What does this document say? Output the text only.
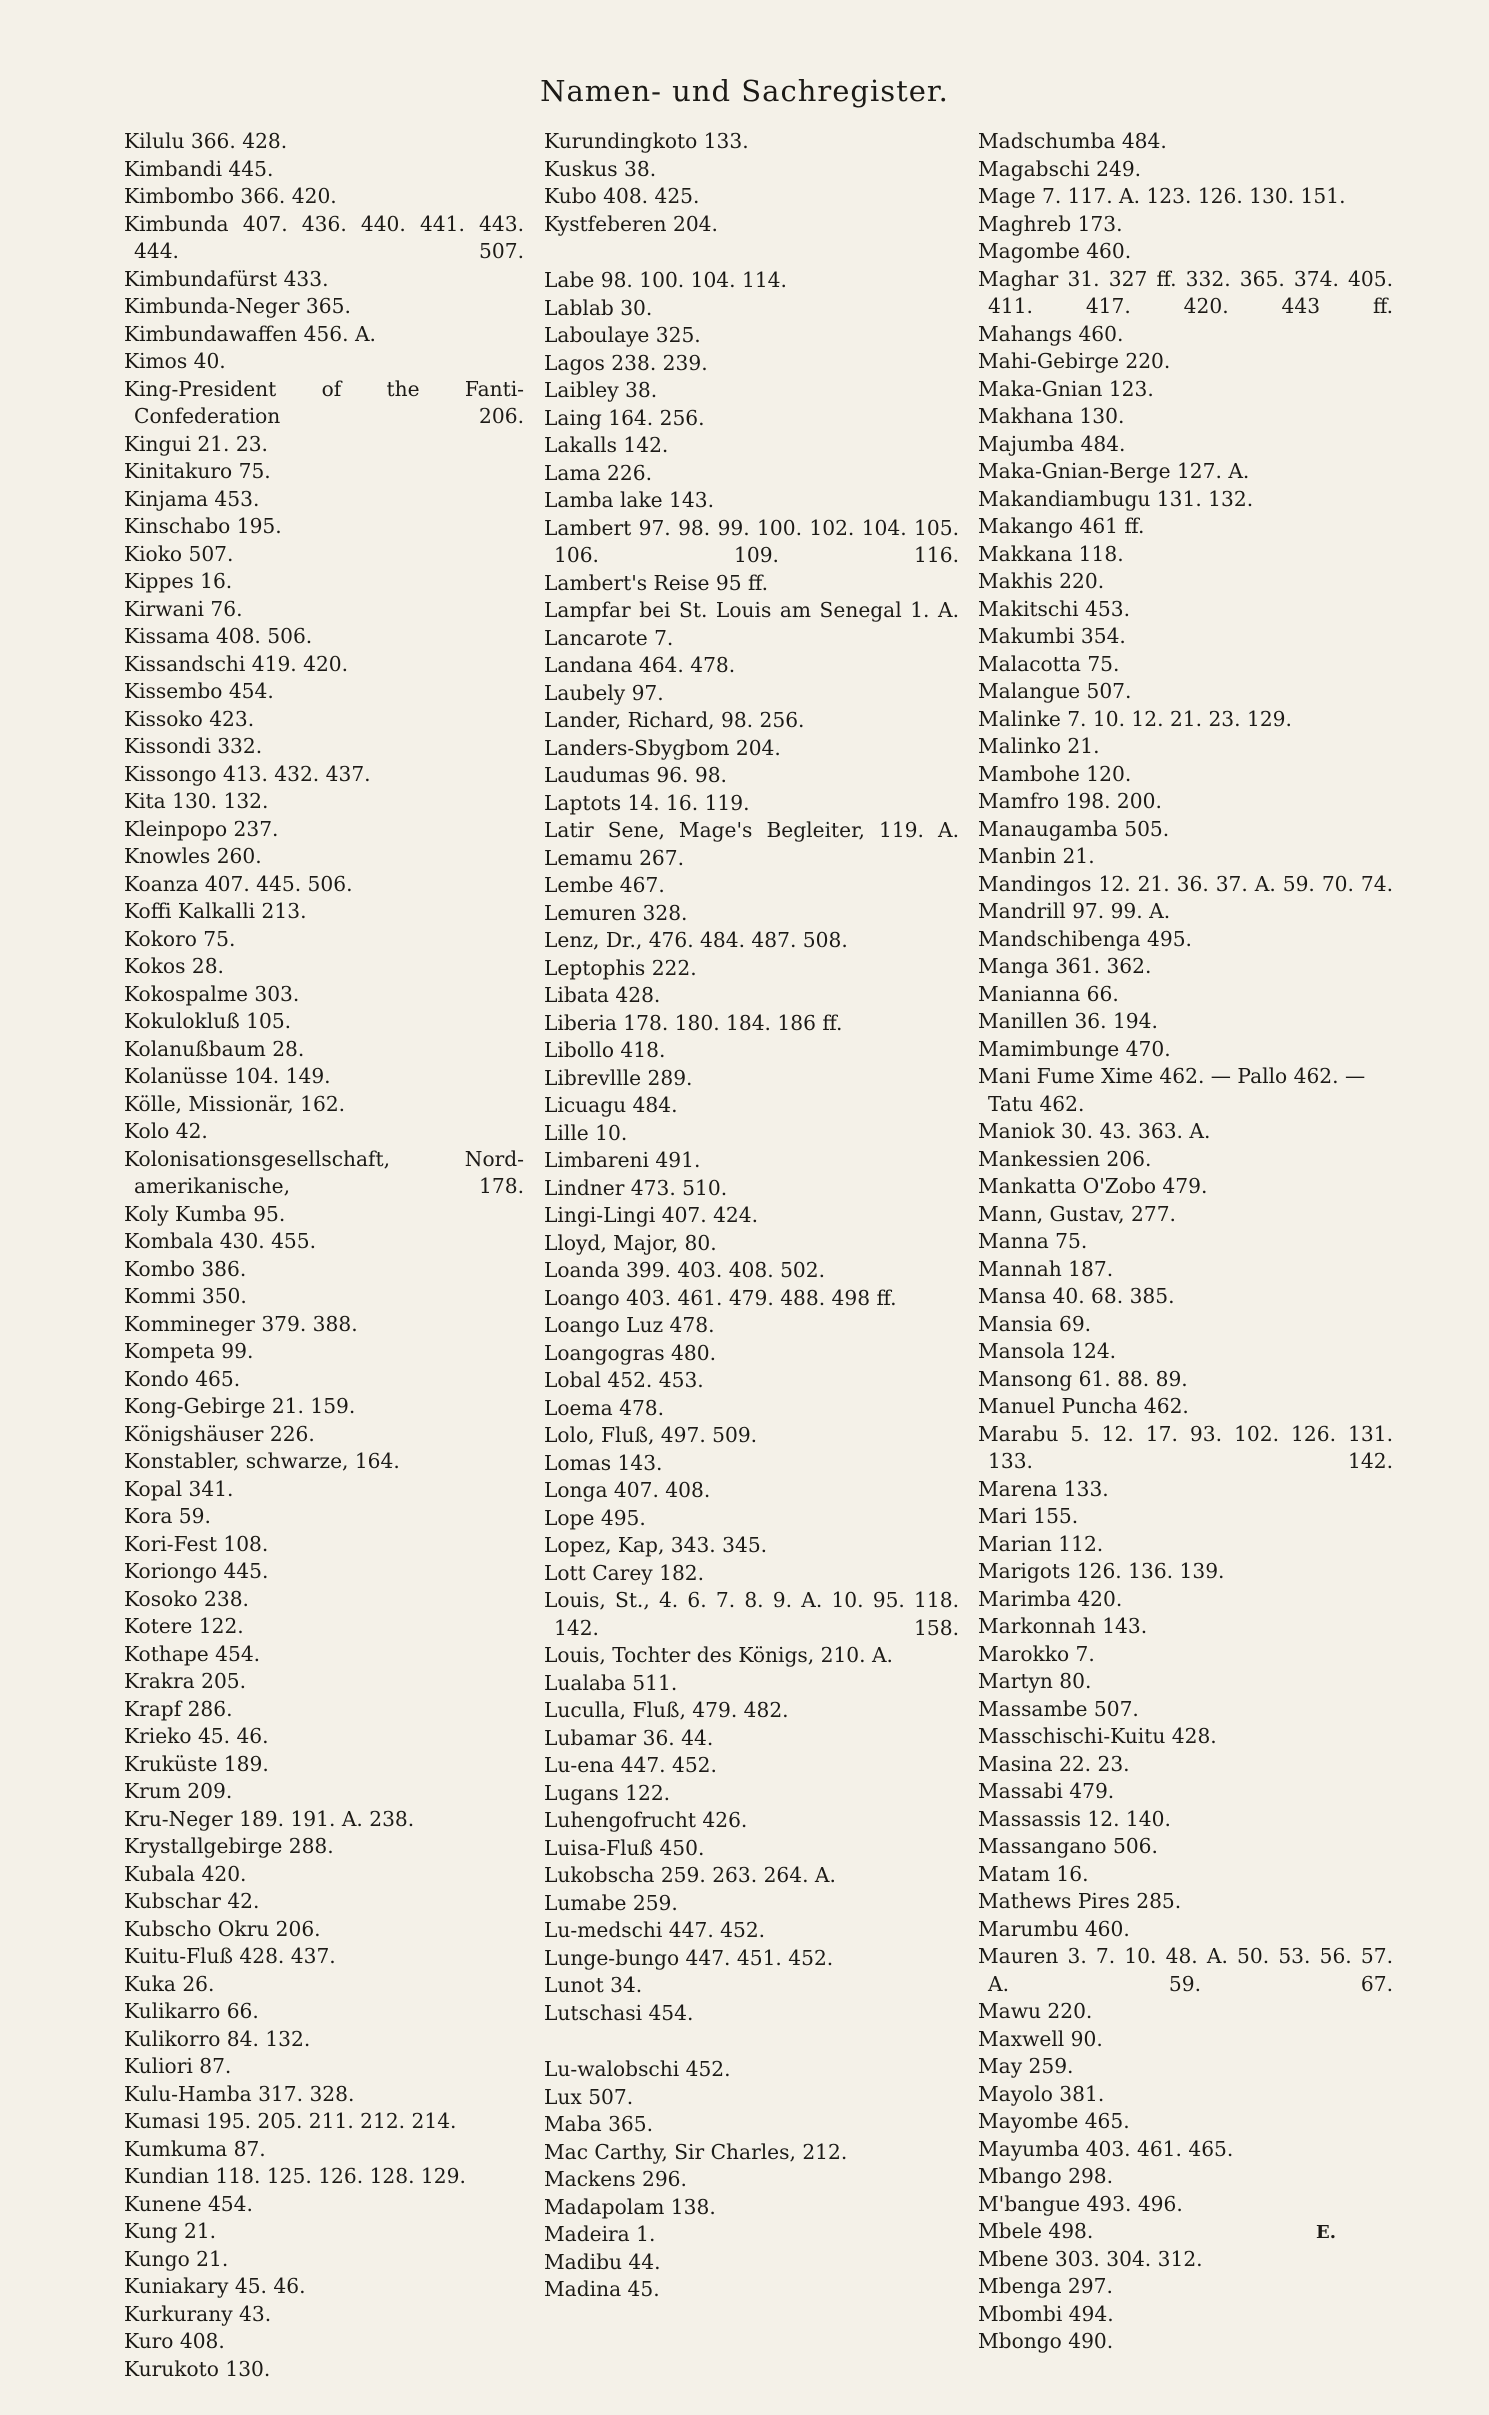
Namen- und Sachregister.
Kilulu 366. 428.
Kimbandi 445.
Kimbombo 366. 420.
Kimbunda 407. 436. 440. 441. 443. 444. 507.
Kimbundafürst 433.
Kimbunda-Neger 365.
Kimbundawaffen 456. A.
Kimos 40.
King-President of the Fanti-Confederation 206.
Kingui 21. 23.
Kinitakuro 75.
Kinjama 453.
Kinschabo 195.
Kioko 507.
Kippes 16.
Kirwani 76.
Kissama 408. 506.
Kissandschi 419. 420.
Kissembo 454.
Kissoko 423.
Kissondi 332.
Kissongo 413. 432. 437.
Kita 130. 132.
Kleinpopo 237.
Knowles 260.
Koanza 407. 445. 506.
Koffi Kalkalli 213.
Kokoro 75.
Kokos 28.
Kokospalme 303.
Kokulokluß 105.
Kolanußbaum 28.
Kolanüsse 104. 149.
Kölle, Missionär, 162.
Kolo 42.
Kolonisationsgesellschaft, Nord-amerikanische, 178.
Koly Kumba 95.
Kombala 430. 455.
Kombo 386.
Kommi 350.
Kommineger 379. 388.
Kompeta 99.
Kondo 465.
Kong-Gebirge 21. 159.
Königshäuser 226.
Konstabler, schwarze, 164.
Kopal 341.
Kora 59.
Kori-Fest 108.
Koriongo 445.
Kosoko 238.
Kotere 122.
Kothape 454.
Krakra 205.
Krapf 286.
Krieko 45. 46.
Kruküste 189.
Krum 209.
Kru-Neger 189. 191. A. 238.
Krystallgebirge 288.
Kubala 420.
Kubschar 42.
Kubscho Okru 206.
Kuitu-Fluß 428. 437.
Kuka 26.
Kulikarro 66.
Kulikorro 84. 132.
Kuliori 87.
Kulu-Hamba 317. 328.
Kumasi 195. 205. 211. 212. 214.
Kumkuma 87.
Kundian 118. 125. 126. 128. 129.
Kunene 454.
Kung 21.
Kungo 21.
Kuniakary 45. 46.
Kurkurany 43.
Kuro 408.
Kurukoto 130.
Kurundingkoto 133.
Kuskus 38.
Kubo 408. 425.
Kystfeberen 204.
Labe 98. 100. 104. 114.
Lablab 30.
Laboulaye 325.
Lagos 238. 239.
Laibley 38.
Laing 164. 256.
Lakalls 142.
Lama 226.
Lamba lake 143.
Lambert 97. 98. 99. 100. 102. 104. 105. 106. 109. 116.
Lambert's Reise 95 ff.
Lampfar bei St. Louis am Senegal 1. A.
Lancarote 7.
Landana 464. 478.
Laubely 97.
Lander, Richard, 98. 256.
Landers-Sbygbom 204.
Laudumas 96. 98.
Laptots 14. 16. 119.
Latir Sene, Mage's Begleiter, 119. A.
Lemamu 267.
Lembe 467.
Lemuren 328.
Lenz, Dr., 476. 484. 487. 508.
Leptophis 222.
Libata 428.
Liberia 178. 180. 184. 186 ff.
Libollo 418.
Librevllle 289.
Licuagu 484.
Lille 10.
Limbareni 491.
Lindner 473. 510.
Lingi-Lingi 407. 424.
Lloyd, Major, 80.
Loanda 399. 403. 408. 502.
Loango 403. 461. 479. 488. 498 ff.
Loango Luz 478.
Loangogras 480.
Lobal 452. 453.
Loema 478.
Lolo, Fluß, 497. 509.
Lomas 143.
Longa 407. 408.
Lope 495.
Lopez, Kap, 343. 345.
Lott Carey 182.
Louis, St., 4. 6. 7. 8. 9. A. 10. 95. 118. 142. 158.
Louis, Tochter des Königs, 210. A.
Lualaba 511.
Luculla, Fluß, 479. 482.
Lubamar 36. 44.
Lu-ena 447. 452.
Lugans 122.
Luhengofrucht 426.
Luisa-Fluß 450.
Lukobscha 259. 263. 264. A.
Lumabe 259.
Lu-medschi 447. 452.
Lunge-bungo 447. 451. 452.
Lunot 34.
Lutschasi 454.
Lu-walobschi 452.
Lux 507.
Maba 365.
Mac Carthy, Sir Charles, 212.
Mackens 296.
Madapolam 138.
Madeira 1.
Madibu 44.
Madina 45.
Madschumba 484.
Magabschi 249.
Mage 7. 117. A. 123. 126. 130. 151.
Maghreb 173.
Magombe 460.
Maghar 31. 327 ff. 332. 365. 374. 405. 411. 417. 420. 443 ff.
Mahangs 460.
Mahi-Gebirge 220.
Maka-Gnian 123.
Makhana 130.
Majumba 484.
Maka-Gnian-Berge 127. A.
Makandiambugu 131. 132.
Makango 461 ff.
Makkana 118.
Makhis 220.
Makitschi 453.
Makumbi 354.
Malacotta 75.
Malangue 507.
Malinke 7. 10. 12. 21. 23. 129.
Malinko 21.
Mambohe 120.
Mamfro 198. 200.
Manaugamba 505.
Manbin 21.
Mandingos 12. 21. 36. 37. A. 59. 70. 74.
Mandrill 97. 99. A.
Mandschibenga 495.
Manga 361. 362.
Manianna 66.
Manillen 36. 194.
Mamimbunge 470.
Mani Fume Xime 462. — Pallo 462. — Tatu 462.
Maniok 30. 43. 363. A.
Mankessien 206.
Mankatta O'Zobo 479.
Mann, Gustav, 277.
Manna 75.
Mannah 187.
Mansa 40. 68. 385.
Mansia 69.
Mansola 124.
Mansong 61. 88. 89.
Manuel Puncha 462.
Marabu 5. 12. 17. 93. 102. 126. 131. 133. 142.
Marena 133.
Mari 155.
Marian 112.
Marigots 126. 136. 139.
Marimba 420.
Markonnah 143.
Marokko 7.
Martyn 80.
Massambe 507.
Masschischi-Kuitu 428.
Masina 22. 23.
Massabi 479.
Massassis 12. 140.
Massangano 506.
Matam 16.
Mathews Pires 285.
Marumbu 460.
Mauren 3. 7. 10. 48. A. 50. 53. 56. 57. A. 59. 67.
Mawu 220.
Maxwell 90.
May 259.
Mayolo 381.
Mayombe 465.
Mayumba 403. 461. 465.
Mbango 298.
M'bangue 493. 496.
Mbele 498.
Mbene 303. 304. 312.
Mbenga 297.
Mbombi 494.
Mbongo 490.

E.
